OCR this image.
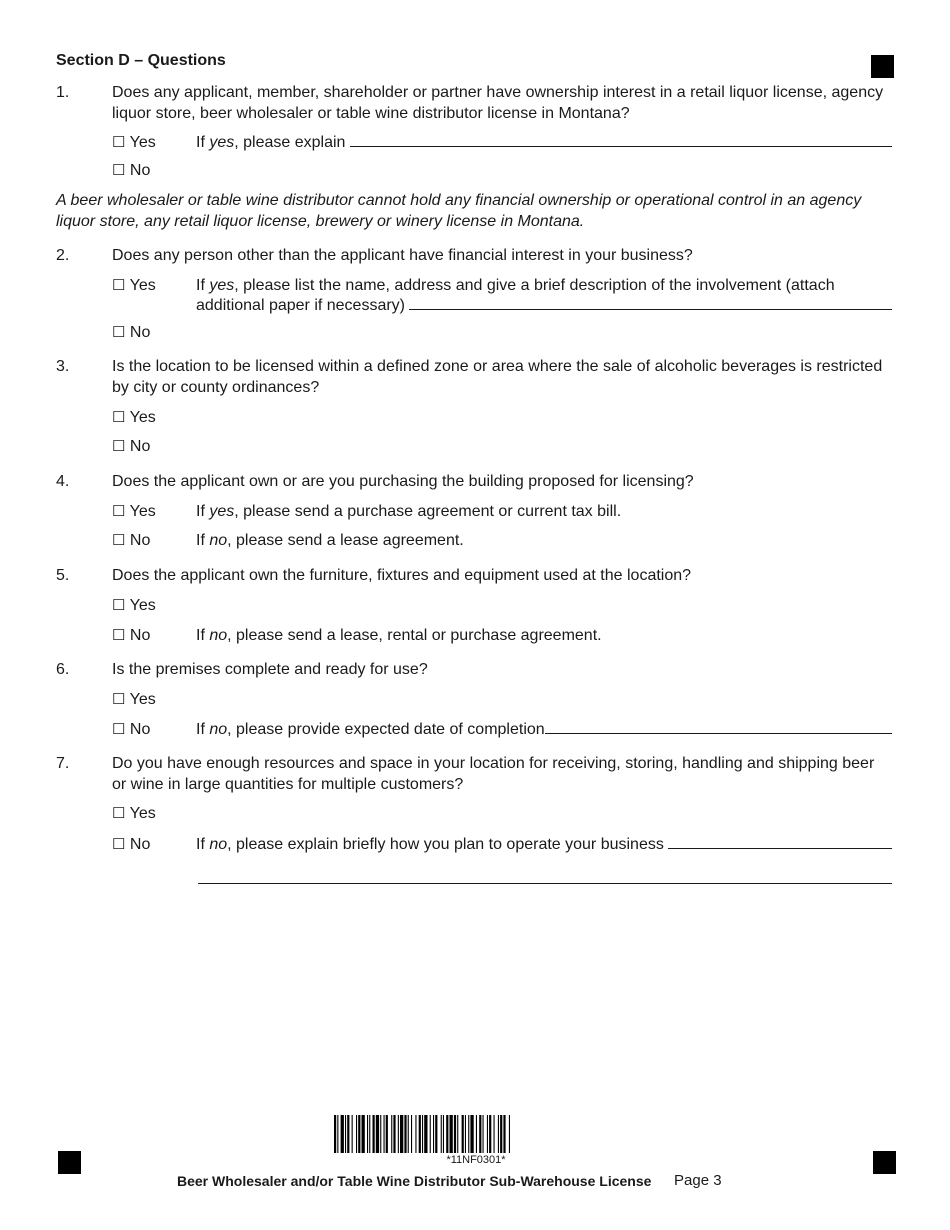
Section D – Questions
1.	Does any applicant, member, shareholder or partner have ownership interest in a retail liquor license, agency liquor store, beer wholesaler or table wine distributor license in Montana?
☐ Yes	If yes, please explain
☐ No
A beer wholesaler or table wine distributor cannot hold any financial ownership or operational control in an agency liquor store, any retail liquor license, brewery or winery license in Montana.
2.	Does any person other than the applicant have financial interest in your business?
☐ Yes	If yes, please list the name, address and give a brief description of the involvement (attach
additional paper if necessary)

☐ No
3.	Is the location to be licensed within a defined zone or area where the sale of alcoholic beverages is restricted by city or county ordinances?
☐ Yes
☐ No
4.	Does the applicant own or are you purchasing the building proposed for licensing?
☐ Yes	If yes, please send a purchase agreement or current tax bill.
☐ No	If no, please send a lease agreement.
5.	Does the applicant own the furniture, fixtures and equipment used at the location?
☐ Yes
☐ No	If no, please send a lease, rental or purchase agreement.
6.	Is the premises complete and ready for use?
☐ Yes
☐ No	If no, please provide expected date of completion
7.	Do you have enough resources and space in your location for receiving, storing, handling and shipping beer or wine in large quantities for multiple customers?
☐ Yes
☐ No	If no, please explain briefly how you plan to operate your business
*11NF0301*
Beer Wholesaler and/or Table Wine Distributor Sub-Warehouse License Page 3
